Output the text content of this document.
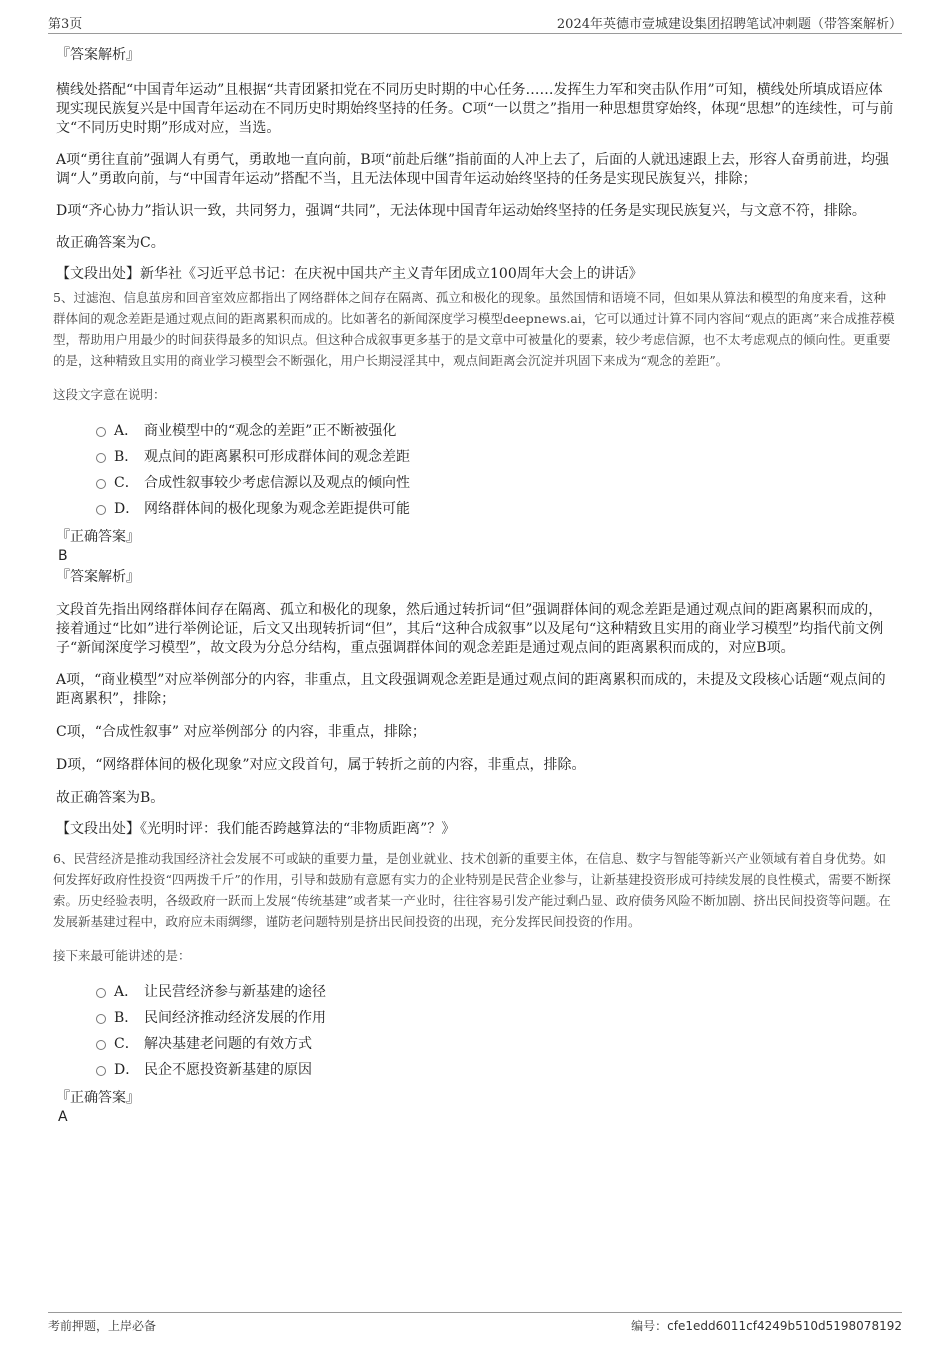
第3页	2024年英德市壹城建设集团招聘笔试冲刺题（带答案解析）

『答案解析』

横线处搭配“中国青年运动”且根据“共青团紧扣党在不同历史时期的中心任务……发挥生力军和突击队作用”可知，横线处所填成语应体现实现民族复兴是中国青年运动在不同历史时期始终坚持的任务。C项“一以贯之”指用一种思想贯穿始终，体现“思想”的连续性，可与前文“不同历史时期”形成对应，当选。

A项“勇往直前”强调人有勇气，勇敢地一直向前，B项“前赴后继”指前面的人冲上去了，后面的人就迅速跟上去，形容人奋勇前进，均强调“人”勇敢向前，与“中国青年运动”搭配不当，且无法体现中国青年运动始终坚持的任务是实现民族复兴，排除；

D项“齐心协力”指认识一致，共同努力，强调“共同”，无法体现中国青年运动始终坚持的任务是实现民族复兴，与文意不符，排除。

故正确答案为C。

【文段出处】新华社《习近平总书记：在庆祝中国共产主义青年团成立100周年大会上的讲话》

5、过滤泡、信息茧房和回音室效应都指出了网络群体之间存在隔离、孤立和极化的现象。虽然国情和语境不同，但如果从算法和模型的角度来看，这种群体间的观念差距是通过观点间的距离累积而成的。比如著名的新闻深度学习模型deepnews.ai，它可以通过计算不同内容间“观点的距离”来合成推荐模型，帮助用户用最少的时间获得最多的知识点。但这种合成叙事更多基于的是文章中可被量化的要素，较少考虑信源，也不太考虑观点的倾向性。更重要的是，这种精致且实用的商业学习模型会不断强化，用户长期浸淫其中，观点间距离会沉淀并巩固下来成为“观念的差距”。

这段文字意在说明：

A． 商业模型中的“观念的差距”正不断被强化
B． 观点间的距离累积可形成群体间的观念差距
C． 合成性叙事较少考虑信源以及观点的倾向性
D． 网络群体间的极化现象为观念差距提供可能

『正确答案』

B

『答案解析』

文段首先指出网络群体间存在隔离、孤立和极化的现象，然后通过转折词“但”强调群体间的观念差距是通过观点间的距离累积而成的，接着通过“比如”进行举例论证，后文又出现转折词“但”，其后“这种合成叙事”以及尾句“这种精致且实用的商业学习模型”均指代前文例子“新闻深度学习模型”，故文段为分总分结构，重点强调群体间的观念差距是通过观点间的距离累积而成的，对应B项。

A项，“商业模型”对应举例部分的内容，非重点，且文段强调观念差距是通过观点间的距离累积而成的，未提及文段核心话题“观点间的距离累积”，排除；

C项，“合成性叙事” 对应举例部分 的内容，非重点，排除；

D项，“网络群体间的极化现象”对应文段首句，属于转折之前的内容，非重点，排除。

故正确答案为B。

【文段出处】《光明时评：我们能否跨越算法的“非物质距离”？》

6、民营经济是推动我国经济社会发展不可或缺的重要力量，是创业就业、技术创新的重要主体，在信息、数字与智能等新兴产业领域有着自身优势。如何发挥好政府性投资“四两拨千斤”的作用，引导和鼓励有意愿有实力的企业特别是民营企业参与，让新基建投资形成可持续发展的良性模式，需要不断探索。历史经验表明，各级政府一跃而上发展“传统基建”或者某一产业时，往往容易引发产能过剩凸显、政府债务风险不断加剧、挤出民间投资等问题。在发展新基建过程中，政府应未雨绸缪，谨防老问题特别是挤出民间投资的出现，充分发挥民间投资的作用。

接下来最可能讲述的是：

A． 让民营经济参与新基建的途径
B． 民间经济推动经济发展的作用
C． 解决基建老问题的有效方式
D． 民企不愿投资新基建的原因

『正确答案』

A

考前押题，上岸必备	编号：cfe1edd6011cf4249b510d5198078192
